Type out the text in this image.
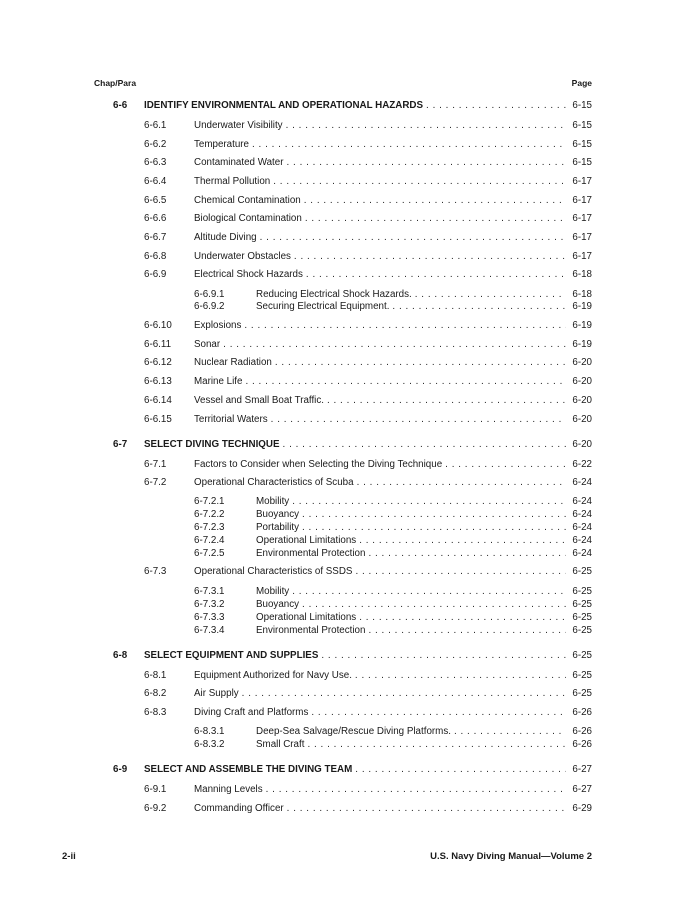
Chap/Para	Page
6-6 IDENTIFY ENVIRONMENTAL AND OPERATIONAL HAZARDS . . .	6-15
6-6.1	Underwater Visibility . . .	6-15
6-6.2	Temperature . . .	6-15
6-6.3	Contaminated Water . . .	6-15
6-6.4	Thermal Pollution . . .	6-17
6-6.5	Chemical Contamination . . .	6-17
6-6.6	Biological Contamination . . .	6-17
6-6.7	Altitude Diving . . .	6-17
6-6.8	Underwater Obstacles . . .	6-17
6-6.9	Electrical Shock Hazards . . .	6-18
6-6.9.1	Reducing Electrical Shock Hazards. . . .	6-18
6-6.9.2	Securing Electrical Equipment. . . .	6-19
6-6.10 Explosions . . .	6-19
6-6.11 Sonar . . .	6-19
6-6.12 Nuclear Radiation . . .	6-20
6-6.13 Marine Life . . .	6-20
6-6.14 Vessel and Small Boat Traffic. . . .	6-20
6-6.15 Territorial Waters . . .	6-20
6-7 SELECT DIVING TECHNIQUE . . .	6-20
6-7.1	Factors to Consider when Selecting the Diving Technique . . .	6-22
6-7.2	Operational Characteristics of Scuba . . .	6-24
6-7.2.1	Mobility . . .	6-24
6-7.2.2	Buoyancy . . .	6-24
6-7.2.3	Portability . . .	6-24
6-7.2.4	Operational Limitations . . .	6-24
6-7.2.5	Environmental Protection . . .	6-24
6-7.3	Operational Characteristics of SSDS . . .	6-25
6-7.3.1	Mobility . . .	6-25
6-7.3.2	Buoyancy . . .	6-25
6-7.3.3	Operational Limitations . . .	6-25
6-7.3.4	Environmental Protection . . .	6-25
6-8 SELECT EQUIPMENT AND SUPPLIES . . .	6-25
6-8.1	Equipment Authorized for Navy Use. . . .	6-25
6-8.2	Air Supply . . .	6-25
6-8.3	Diving Craft and Platforms . . .	6-26
6-8.3.1	Deep-Sea Salvage/Rescue Diving Platforms. . . .	6-26
6-8.3.2	Small Craft . . .	6-26
6-9 SELECT AND ASSEMBLE THE DIVING TEAM . . .	6-27
6-9.1	Manning Levels . . .	6-27
6-9.2	Commanding Officer . . .	6-29
2-ii	U.S. Navy Diving Manual—Volume 2
